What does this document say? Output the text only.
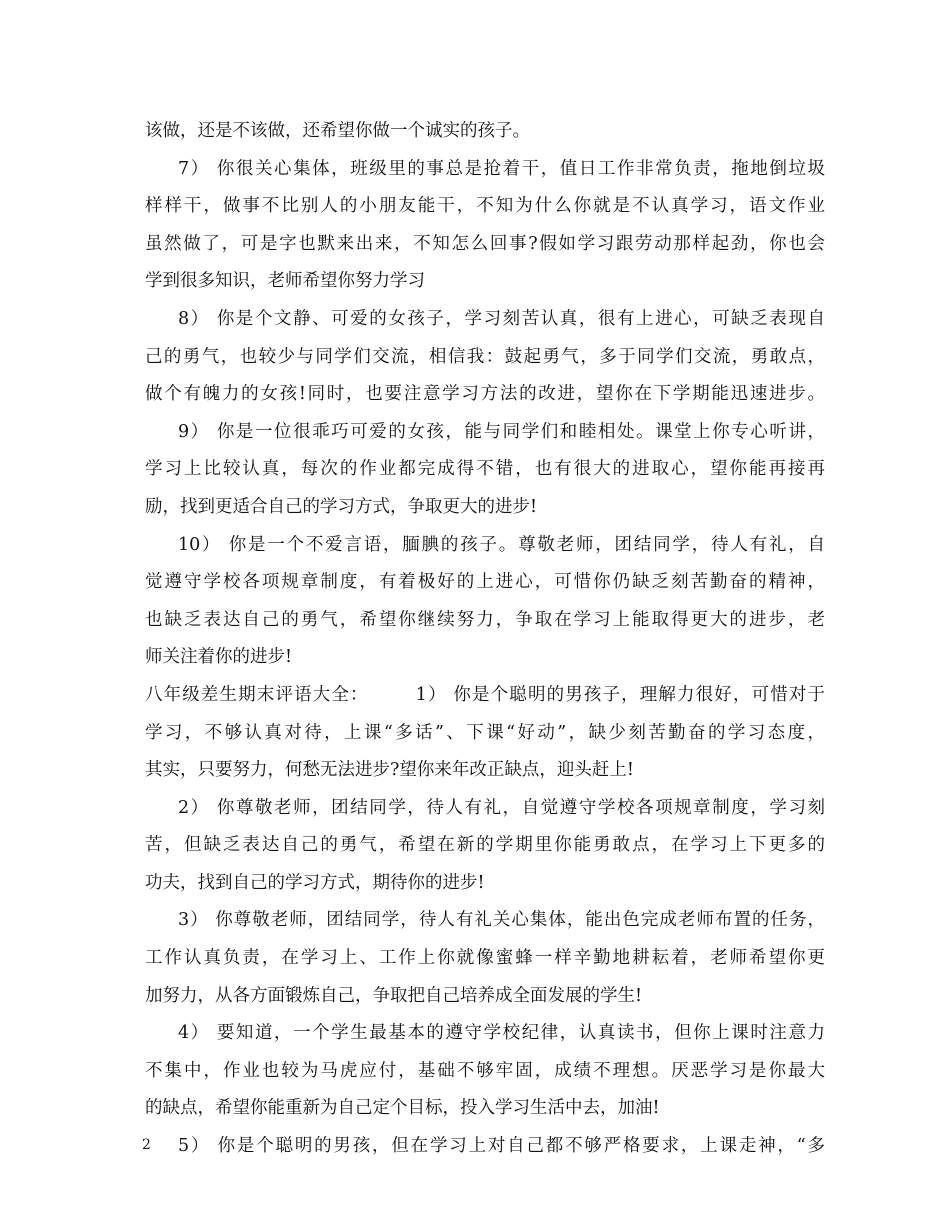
该做，还是不该做，还希望你做一个诚实的孩子。
7） 你很关心集体，班级里的事总是抢着干，值日工作非常负责，拖地倒垃圾
样样干，做事不比别人的小朋友能干，不知为什么你就是不认真学习，语文作业
虽然做了，可是字也默来出来，不知怎么回事?假如学习跟劳动那样起劲，你也会
学到很多知识，老师希望你努力学习
8） 你是个文静、可爱的女孩子，学习刻苦认真，很有上进心，可缺乏表现自
己的勇气，也较少与同学们交流，相信我：鼓起勇气，多于同学们交流，勇敢点，
做个有魄力的女孩!同时，也要注意学习方法的改进，望你在下学期能迅速进步。
9） 你是一位很乖巧可爱的女孩，能与同学们和睦相处。课堂上你专心听讲，
学习上比较认真，每次的作业都完成得不错，也有很大的进取心，望你能再接再
励，找到更适合自己的学习方式，争取更大的进步!
10） 你是一个不爱言语，腼腆的孩子。尊敬老师，团结同学，待人有礼，自
觉遵守学校各项规章制度，有着极好的上进心，可惜你仍缺乏刻苦勤奋的精神，
也缺乏表达自己的勇气，希望你继续努力，争取在学习上能取得更大的进步，老
师关注着你的进步!
八年级差生期末评语大全：　　　1） 你是个聪明的男孩子，理解力很好，可惜对于
学习，不够认真对待，上课“多话”、下课“好动”，缺少刻苦勤奋的学习态度，
其实，只要努力，何愁无法进步?望你来年改正缺点，迎头赶上!
2） 你尊敬老师，团结同学，待人有礼，自觉遵守学校各项规章制度，学习刻
苦，但缺乏表达自己的勇气，希望在新的学期里你能勇敢点，在学习上下更多的
功夫，找到自己的学习方式，期待你的进步!
3） 你尊敬老师，团结同学，待人有礼关心集体，能出色完成老师布置的任务，
工作认真负责，在学习上、工作上你就像蜜蜂一样辛勤地耕耘着，老师希望你更
加努力，从各方面锻炼自己，争取把自己培养成全面发展的学生!
4） 要知道，一个学生最基本的遵守学校纪律，认真读书，但你上课时注意力
不集中，作业也较为马虎应付，基础不够牢固，成绩不理想。厌恶学习是你最大
的缺点，希望你能重新为自己定个目标，投入学习生活中去，加油!
5） 你是个聪明的男孩，但在学习上对自己都不够严格要求，上课走神，“多
2
